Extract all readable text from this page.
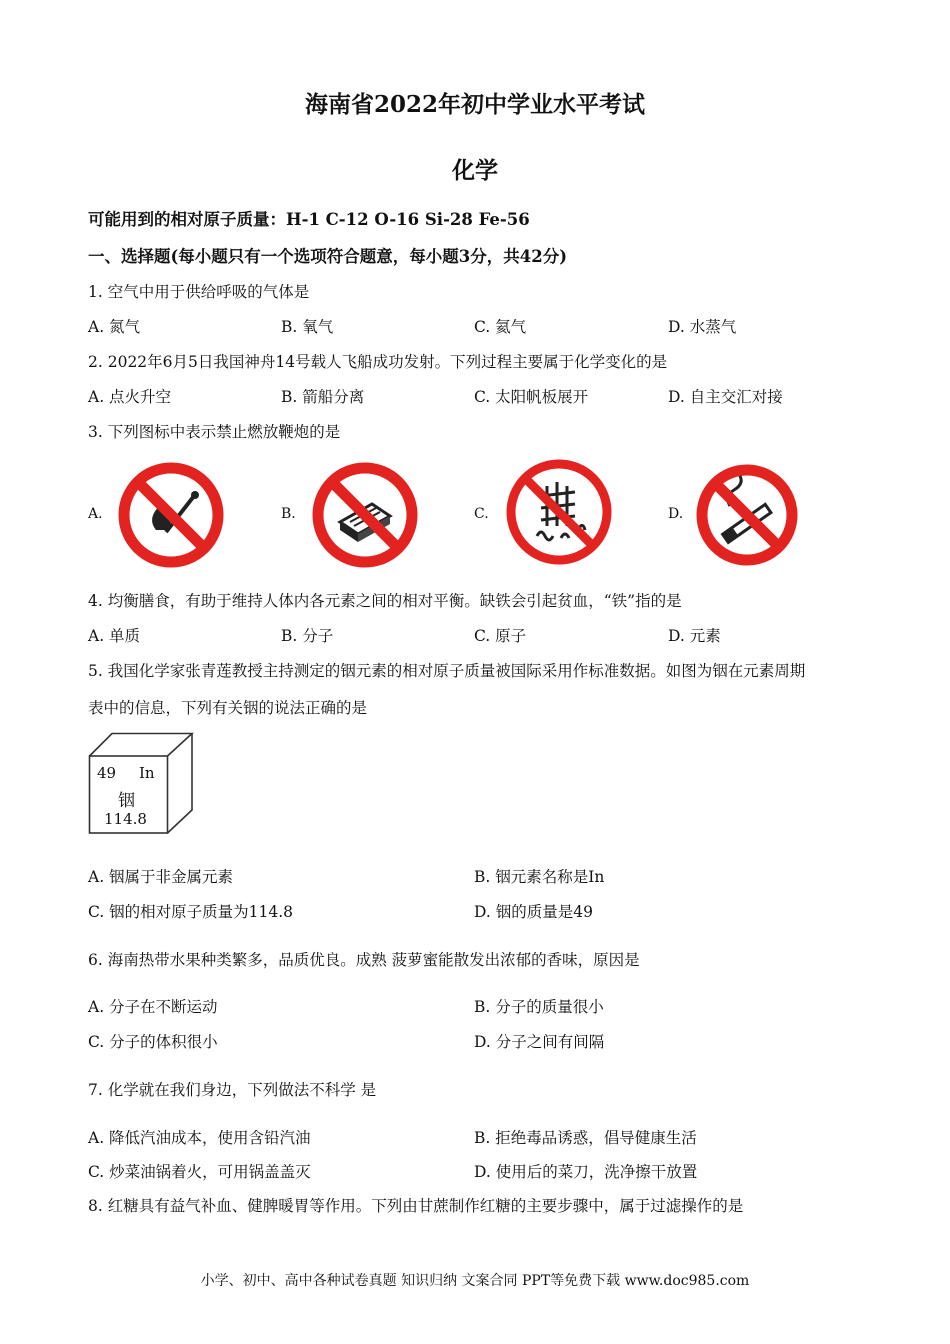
海南省2022年初中学业水平考试
化学
可能用到的相对原子质量：H-1 C-12 O-16 Si-28 Fe-56
一、选择题(每小题只有一个选项符合题意，每小题3分，共42分)
1. 空气中用于供给呼吸的气体是
A. 氮气	B. 氧气	C. 氦气	D. 水蒸气
2. 2022年6月5日我国神舟14号载人飞船成功发射。下列过程主要属于化学变化的是
A. 点火升空	B. 箭船分离	C. 太阳帆板展开	D. 自主交汇对接
3. 下列图标中表示禁止燃放鞭炮的是
A.	B.	C.	D.
4. 均衡膳食，有助于维持人体内各元素之间的相对平衡。缺铁会引起贫血，“铁”指的是
A. 单质	B. 分子	C. 原子	D. 元素
5. 我国化学家张青莲教授主持测定的铟元素的相对原子质量被国际采用作标准数据。如图为铟在元素周期
表中的信息，下列有关铟的说法正确的是
49 In
铟
114.8
A. 铟属于非金属元素	B. 铟元素名称是In
C. 铟的相对原子质量为114.8	D. 铟的质量是49
6. 海南热带水果种类繁多，品质优良。成熟 菠萝蜜能散发出浓郁的香味，原因是
A. 分子在不断运动	B. 分子的质量很小
C. 分子的体积很小	D. 分子之间有间隔
7. 化学就在我们身边，下列做法不科学 是
A. 降低汽油成本，使用含铅汽油	B. 拒绝毒品诱惑，倡导健康生活
C. 炒菜油锅着火，可用锅盖盖灭	D. 使用后的菜刀，洗净擦干放置
8. 红糖具有益气补血、健脾暖胃等作用。下列由甘蔗制作红糖的主要步骤中，属于过滤操作的是
小学、初中、高中各种试卷真题 知识归纳 文案合同 PPT等免费下载 www.doc985.com
